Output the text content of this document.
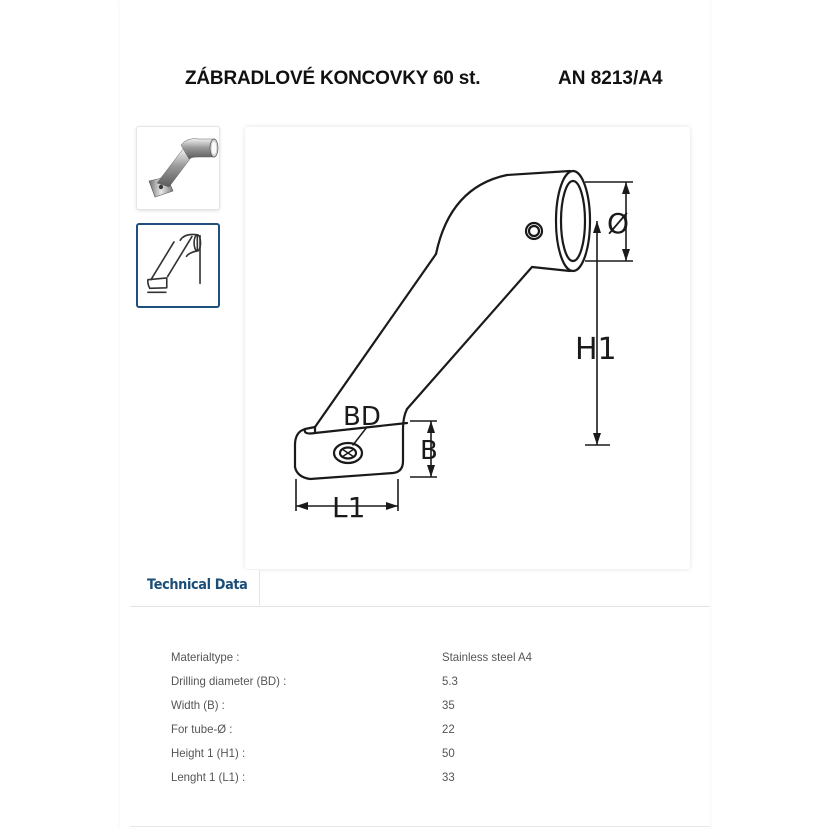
ZÁBRADLOVÉ KONCOVKY 60 st.	AN 8213/A4
Ø
H1
BD
B
L1
Technical Data
Materialtype :	Stainless steel A4
Drilling diameter (BD) :	5.3
Width (B) :	35
For tube-Ø :	22
Height 1 (H1) :	50
Lenght 1 (L1) :	33
